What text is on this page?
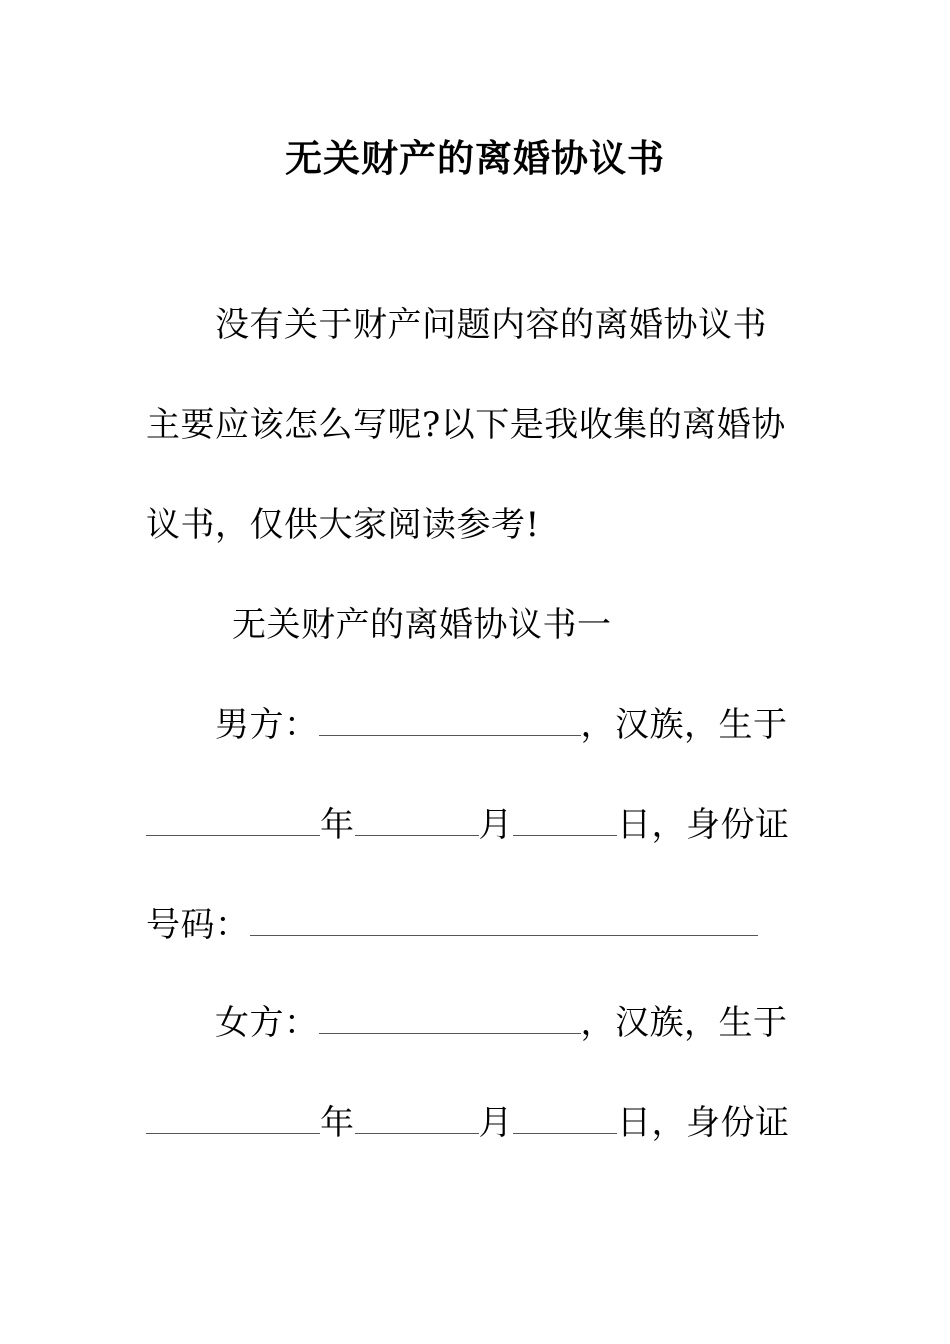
无关财产的离婚协议书
没有关于财产问题内容的离婚协议书
主要应该怎么写呢?以下是我收集的离婚协
议书，仅供大家阅读参考!
无关财产的离婚协议书一
男方：	，汉族，生于
年	月	日，身份证
号码：
女方：	，汉族，生于
年	月	日，身份证
